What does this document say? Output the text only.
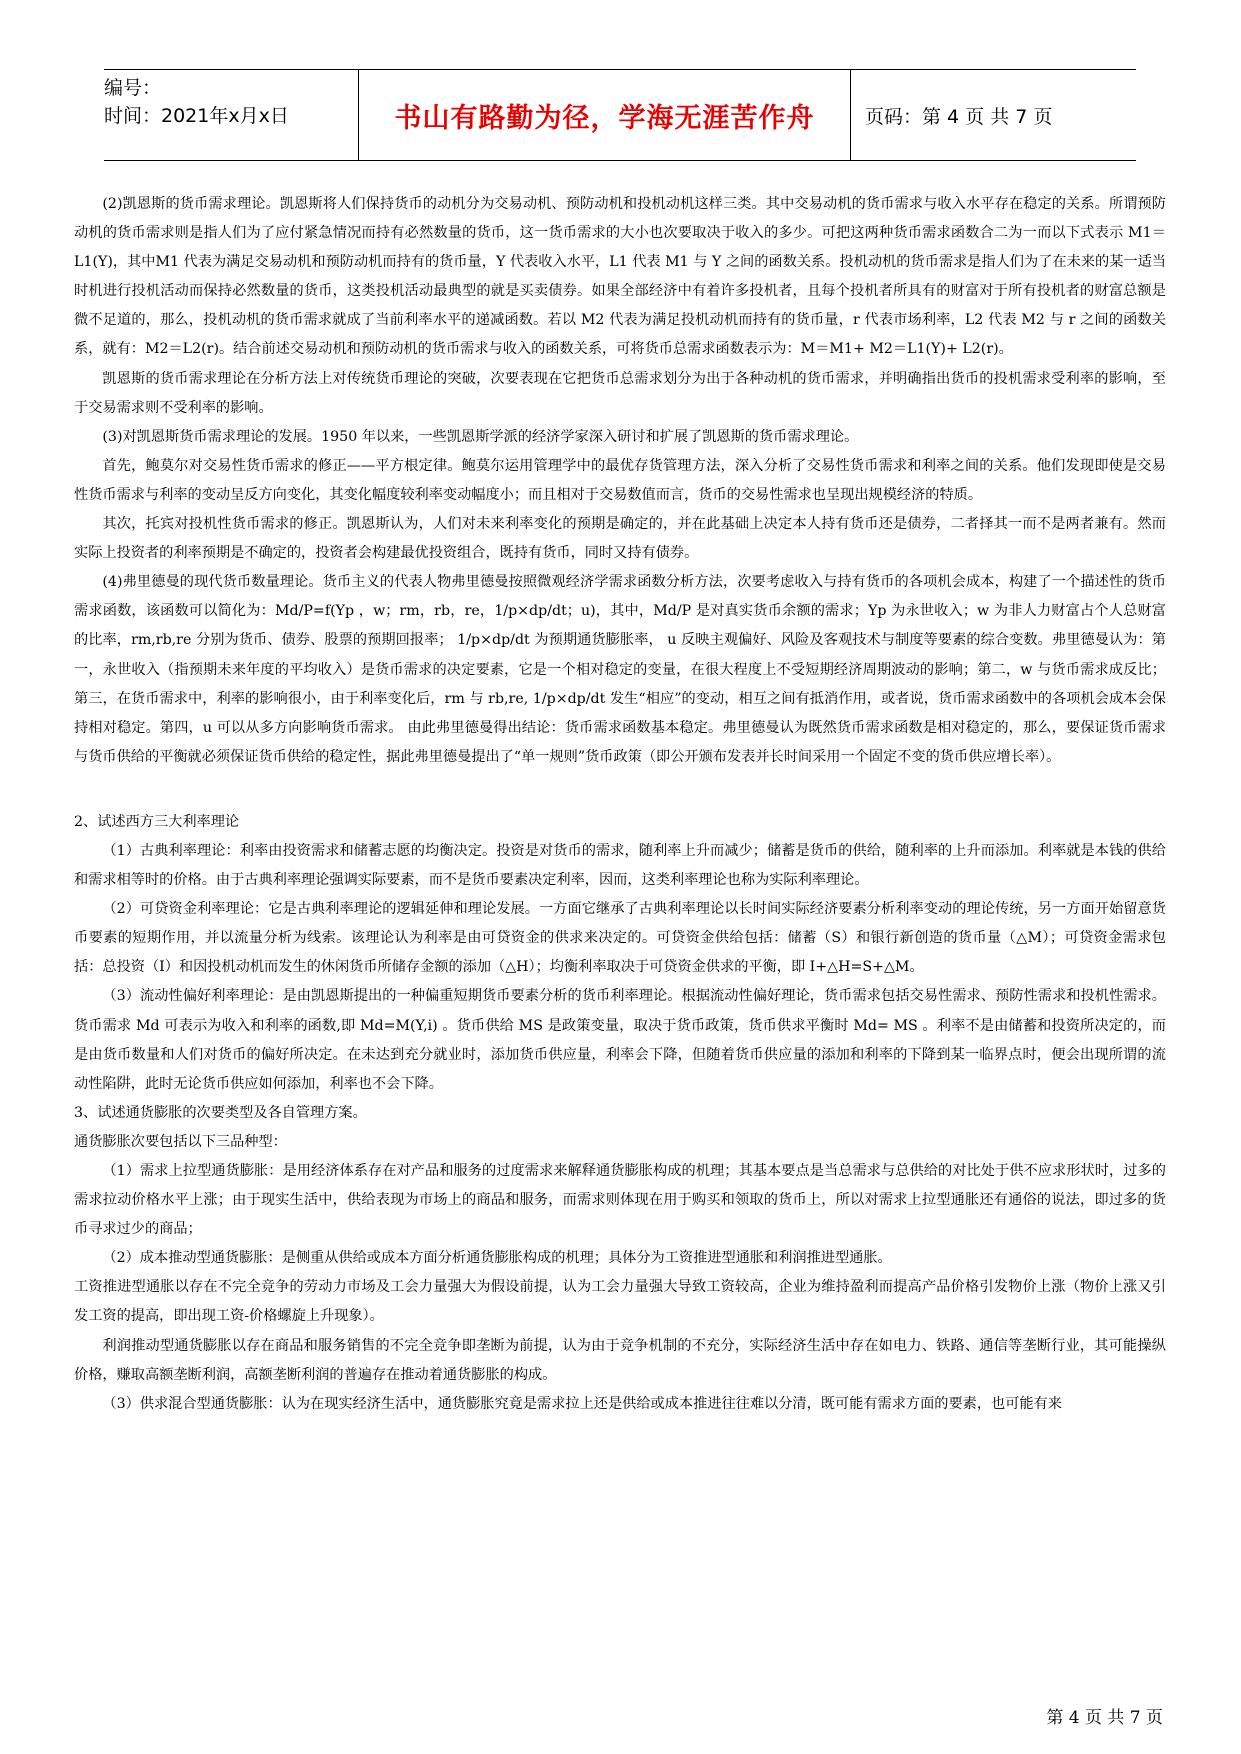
编号：
时间：2021年x月x日	书山有路勤为径，学海无涯苦作舟	页码：第 4 页 共 7 页

(2)凯恩斯的货币需求理论。凯恩斯将人们保持货币的动机分为交易动机、预防动机和投机动机这样三类。其中交易动机的货币需求与收入水平存在稳定的关系。所谓预防动机的货币需求则是指人们为了应付紧急情况而持有必然数量的货币，这一货币需求的大小也次要取决于收入的多少。可把这两种货币需求函数合二为一而以下式表示 M1＝L1(Y)，其中M1 代表为满足交易动机和预防动机而持有的货币量，Y 代表收入水平，L1 代表 M1 与 Y 之间的函数关系。投机动机的货币需求是指人们为了在未来的某一适当时机进行投机活动而保持必然数量的货币，这类投机活动最典型的就是买卖债券。如果全部经济中有着许多投机者，且每个投机者所具有的财富对于所有投机者的财富总额是微不足道的，那么，投机动机的货币需求就成了当前利率水平的递减函数。若以 M2 代表为满足投机动机而持有的货币量，r 代表市场利率，L2 代表 M2 与 r 之间的函数关系，就有：M2＝L2(r)。结合前述交易动机和预防动机的货币需求与收入的函数关系，可将货币总需求函数表示为：M＝M1+ M2＝L1(Y)+ L2(r)。

凯恩斯的货币需求理论在分析方法上对传统货币理论的突破，次要表现在它把货币总需求划分为出于各种动机的货币需求，并明确指出货币的投机需求受利率的影响，至于交易需求则不受利率的影响。

(3)对凯恩斯货币需求理论的发展。1950 年以来，一些凯恩斯学派的经济学家深入研讨和扩展了凯恩斯的货币需求理论。

首先，鲍莫尔对交易性货币需求的修正——平方根定律。鲍莫尔运用管理学中的最优存货管理方法，深入分析了交易性货币需求和利率之间的关系。他们发现即使是交易性货币需求与利率的变动呈反方向变化，其变化幅度较利率变动幅度小；而且相对于交易数值而言，货币的交易性需求也呈现出规模经济的特质。

其次，托宾对投机性货币需求的修正。凯恩斯认为，人们对未来利率变化的预期是确定的，并在此基础上决定本人持有货币还是债券，二者择其一而不是两者兼有。然而实际上投资者的利率预期是不确定的，投资者会构建最优投资组合，既持有货币，同时又持有债券。

(4)弗里德曼的现代货币数量理论。货币主义的代表人物弗里德曼按照微观经济学需求函数分析方法，次要考虑收入与持有货币的各项机会成本，构建了一个描述性的货币需求函数，该函数可以简化为：Md/P=f(Yp ，w；rm，rb，re，1/p×dp/dt；u)，其中，Md/P 是对真实货币余额的需求；Yp 为永世收入；w 为非人力财富占个人总财富的比率，rm,rb,re 分别为货币、债券、股票的预期回报率； 1/p×dp/dt 为预期通货膨胀率， u 反映主观偏好、风险及客观技术与制度等要素的综合变数。弗里德曼认为：第一，永世收入（指预期未来年度的平均收入）是货币需求的决定要素，它是一个相对稳定的变量，在很大程度上不受短期经济周期波动的影响；第二，w 与货币需求成反比；第三，在货币需求中，利率的影响很小，由于利率变化后，rm 与 rb,re, 1/p×dp/dt 发生“相应”的变动，相互之间有抵消作用，或者说，货币需求函数中的各项机会成本会保持相对稳定。第四，u 可以从多方向影响货币需求。 由此弗里德曼得出结论：货币需求函数基本稳定。弗里德曼认为既然货币需求函数是相对稳定的，那么，要保证货币需求与货币供给的平衡就必须保证货币供给的稳定性，据此弗里德曼提出了“单一规则”货币政策（即公开颁布发表并长时间采用一个固定不变的货币供应增长率）。

2、试述西方三大利率理论

（1）古典利率理论：利率由投资需求和储蓄志愿的均衡决定。投资是对货币的需求，随利率上升而减少；储蓄是货币的供给，随利率的上升而添加。利率就是本钱的供给和需求相等时的价格。由于古典利率理论强调实际要素，而不是货币要素决定利率，因而，这类利率理论也称为实际利率理论。

（2）可贷资金利率理论：它是古典利率理论的逻辑延伸和理论发展。一方面它继承了古典利率理论以长时间实际经济要素分析利率变动的理论传统，另一方面开始留意货币要素的短期作用，并以流量分析为线索。该理论认为利率是由可贷资金的供求来决定的。可贷资金供给包括：储蓄（S）和银行新创造的货币量（△M）；可贷资金需求包括：总投资（I）和因投机动机而发生的休闲货币所储存金额的添加（△H）；均衡利率取决于可贷资金供求的平衡，即 I+△H=S+△M。

（3）流动性偏好利率理论：是由凯恩斯提出的一种偏重短期货币要素分析的货币利率理论。根据流动性偏好理论，货币需求包括交易性需求、预防性需求和投机性需求。货币需求 Md 可表示为收入和利率的函数,即 Md=M(Y,i) 。货币供给 MS 是政策变量，取决于货币政策，货币供求平衡时 Md= MS 。利率不是由储蓄和投资所决定的，而是由货币数量和人们对货币的偏好所决定。在未达到充分就业时，添加货币供应量，利率会下降，但随着货币供应量的添加和利率的下降到某一临界点时，便会出现所谓的流动性陷阱，此时无论货币供应如何添加，利率也不会下降。

3、试述通货膨胀的次要类型及各自管理方案。

通货膨胀次要包括以下三品种型：

（1）需求上拉型通货膨胀：是用经济体系存在对产品和服务的过度需求来解释通货膨胀构成的机理；其基本要点是当总需求与总供给的对比处于供不应求形状时，过多的需求拉动价格水平上涨；由于现实生活中，供给表现为市场上的商品和服务，而需求则体现在用于购买和领取的货币上，所以对需求上拉型通胀还有通俗的说法，即过多的货币寻求过少的商品；

（2）成本推动型通货膨胀：是侧重从供给或成本方面分析通货膨胀构成的机理；具体分为工资推进型通胀和利润推进型通胀。

工资推进型通胀以存在不完全竞争的劳动力市场及工会力量强大为假设前提，认为工会力量强大导致工资较高，企业为维持盈利而提高产品价格引发物价上涨（物价上涨又引发工资的提高，即出现工资-价格螺旋上升现象）。

利润推动型通货膨胀以存在商品和服务销售的不完全竞争即垄断为前提，认为由于竞争机制的不充分，实际经济生活中存在如电力、铁路、通信等垄断行业，其可能操纵价格，赚取高额垄断利润，高额垄断利润的普遍存在推动着通货膨胀的构成。

（3）供求混合型通货膨胀：认为在现实经济生活中，通货膨胀究竟是需求拉上还是供给或成本推进往往难以分清，既可能有需求方面的要素，也可能有来

第 4 页 共 7 页
